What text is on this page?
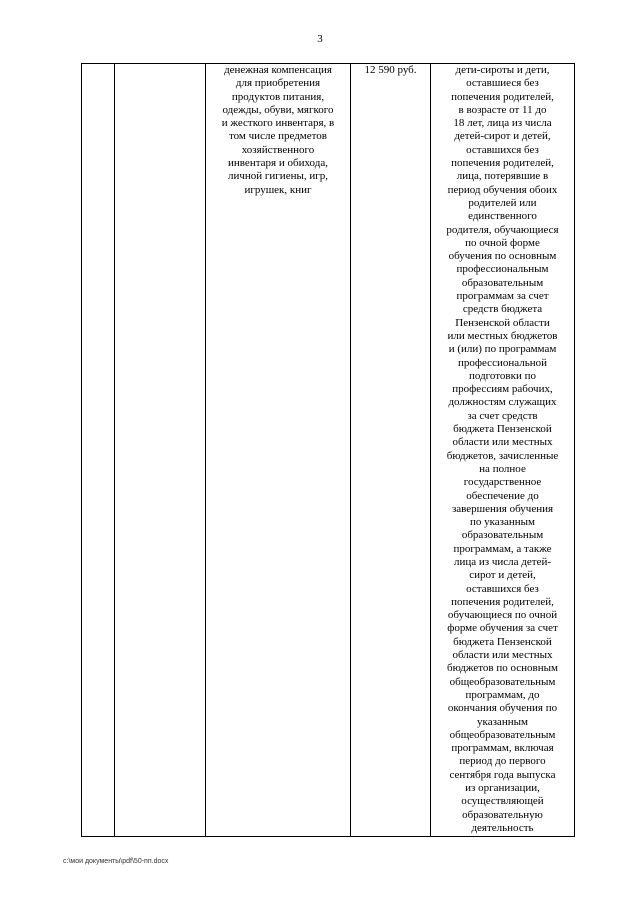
3

денежная компенсация
для приобретения
продуктов питания,
одежды, обуви, мягкого
и жесткого инвентаря, в
том числе предметов
хозяйственного
инвентаря и обихода,
личной гигиены, игр,
игрушек, книг

12 590 руб.	дети-сироты и дети,
оставшиеся без
попечения родителей,
в возрасте от 11 до
18 лет, лица из числа
детей-сирот и детей,
оставшихся без
попечения родителей,
лица, потерявшие в
период обучения обоих
родителей или
единственного
родителя, обучающиеся
по очной форме
обучения по основным
профессиональным
образовательным
программам за счет
средств бюджета
Пензенской области
или местных бюджетов
и (или) по программам
профессиональной
подготовки по
профессиям рабочих,
должностям служащих
за счет средств
бюджета Пензенской
области или местных
бюджетов, зачисленные
на полное
государственное
обеспечение до
завершения обучения
по указанным
образовательным
программам, а также
лица из числа детей-
сирот и детей,
оставшихся без
попечения родителей,
обучающиеся по очной
форме обучения за счет
бюджета Пензенской
области или местных
бюджетов по основным
общеобразовательным
программам, до
окончания обучения по
указанным
общеобразовательным
программам, включая
период до первого
сентября года выпуска
из организации,
осуществляющей
образовательную
деятельность
c:\мои документы\pdf\50-пп.docx
